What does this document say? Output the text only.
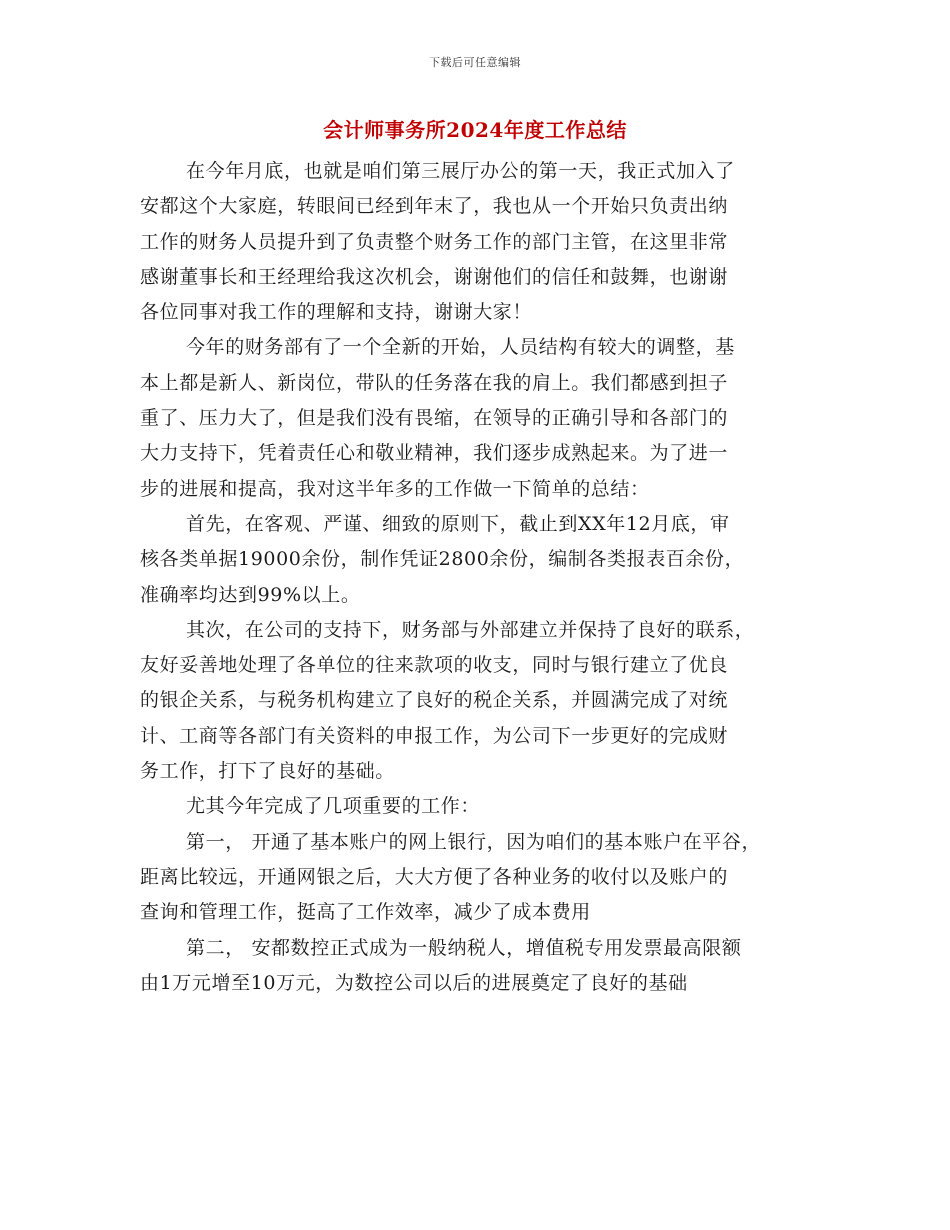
下载后可任意编辑
会计师事务所2024年度工作总结
在今年月底，也就是咱们第三展厅办公的第一天，我正式加入了
安都这个大家庭，转眼间已经到年末了，我也从一个开始只负责出纳
工作的财务人员提升到了负责整个财务工作的部门主管，在这里非常
感谢董事长和王经理给我这次机会，谢谢他们的信任和鼓舞，也谢谢
各位同事对我工作的理解和支持，谢谢大家！
今年的财务部有了一个全新的开始，人员结构有较大的调整，基
本上都是新人、新岗位，带队的任务落在我的肩上。我们都感到担子
重了、压力大了，但是我们没有畏缩，在领导的正确引导和各部门的
大力支持下，凭着责任心和敬业精神，我们逐步成熟起来。为了进一
步的进展和提高，我对这半年多的工作做一下简单的总结：
首先，在客观、严谨、细致的原则下，截止到XX年12月底，审
核各类单据19000余份，制作凭证2800余份，编制各类报表百余份，
准确率均达到99%以上。
其次，在公司的支持下，财务部与外部建立并保持了良好的联系，
友好妥善地处理了各单位的往来款项的收支，同时与银行建立了优良
的银企关系，与税务机构建立了良好的税企关系，并圆满完成了对统
计、工商等各部门有关资料的申报工作，为公司下一步更好的完成财
务工作，打下了良好的基础。
尤其今年完成了几项重要的工作：
第一， 开通了基本账户的网上银行，因为咱们的基本账户在平谷，
距离比较远，开通网银之后，大大方便了各种业务的收付以及账户的
查询和管理工作，挺高了工作效率，减少了成本费用
第二， 安都数控正式成为一般纳税人，增值税专用发票最高限额
由1万元增至10万元，为数控公司以后的进展奠定了良好的基础
